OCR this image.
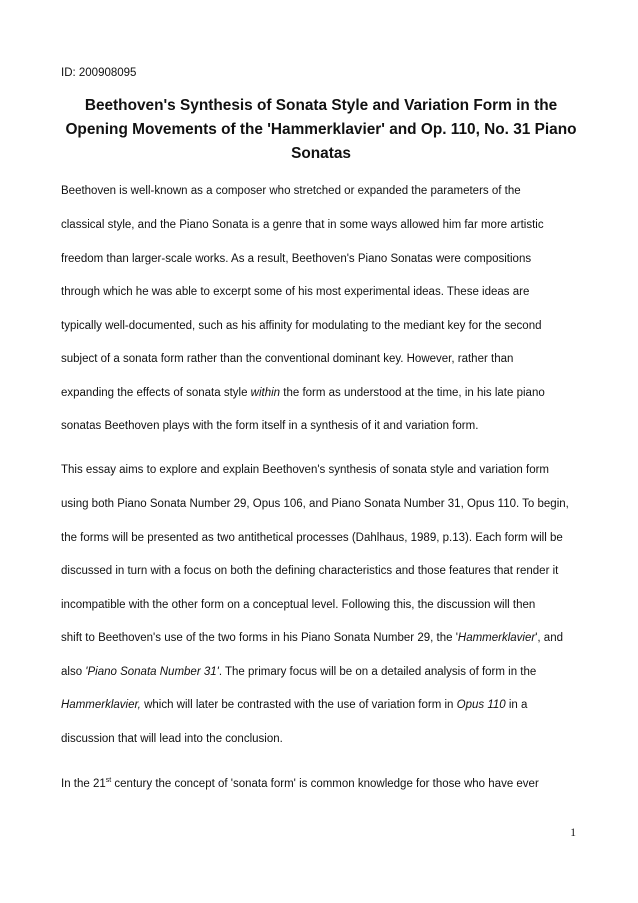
ID: 200908095
Beethoven's Synthesis of Sonata Style and Variation Form in the
Opening Movements of the 'Hammerklavier' and Op. 110, No. 31 Piano
Sonatas
Beethoven is well-known as a composer who stretched or expanded the parameters of the
classical style, and the Piano Sonata is a genre that in some ways allowed him far more artistic
freedom than larger-scale works. As a result, Beethoven's Piano Sonatas were compositions
through which he was able to excerpt some of his most experimental ideas. These ideas are
typically well-documented, such as his affinity for modulating to the mediant key for the second
subject of a sonata form rather than the conventional dominant key. However, rather than
expanding the effects of sonata style within the form as understood at the time, in his late piano
sonatas Beethoven plays with the form itself in a synthesis of it and variation form.
This essay aims to explore and explain Beethoven's synthesis of sonata style and variation form
using both Piano Sonata Number 29, Opus 106, and Piano Sonata Number 31, Opus 110. To begin,
the forms will be presented as two antithetical processes (Dahlhaus, 1989, p.13). Each form will be
discussed in turn with a focus on both the defining characteristics and those features that render it
incompatible with the other form on a conceptual level. Following this, the discussion will then
shift to Beethoven's use of the two forms in his Piano Sonata Number 29, the 'Hammerklavier', and
also 'Piano Sonata Number 31'. The primary focus will be on a detailed analysis of form in the
Hammerklavier, which will later be contrasted with the use of variation form in Opus 110 in a
discussion that will lead into the conclusion.
In the 21st century the concept of 'sonata form' is common knowledge for those who have ever
1
